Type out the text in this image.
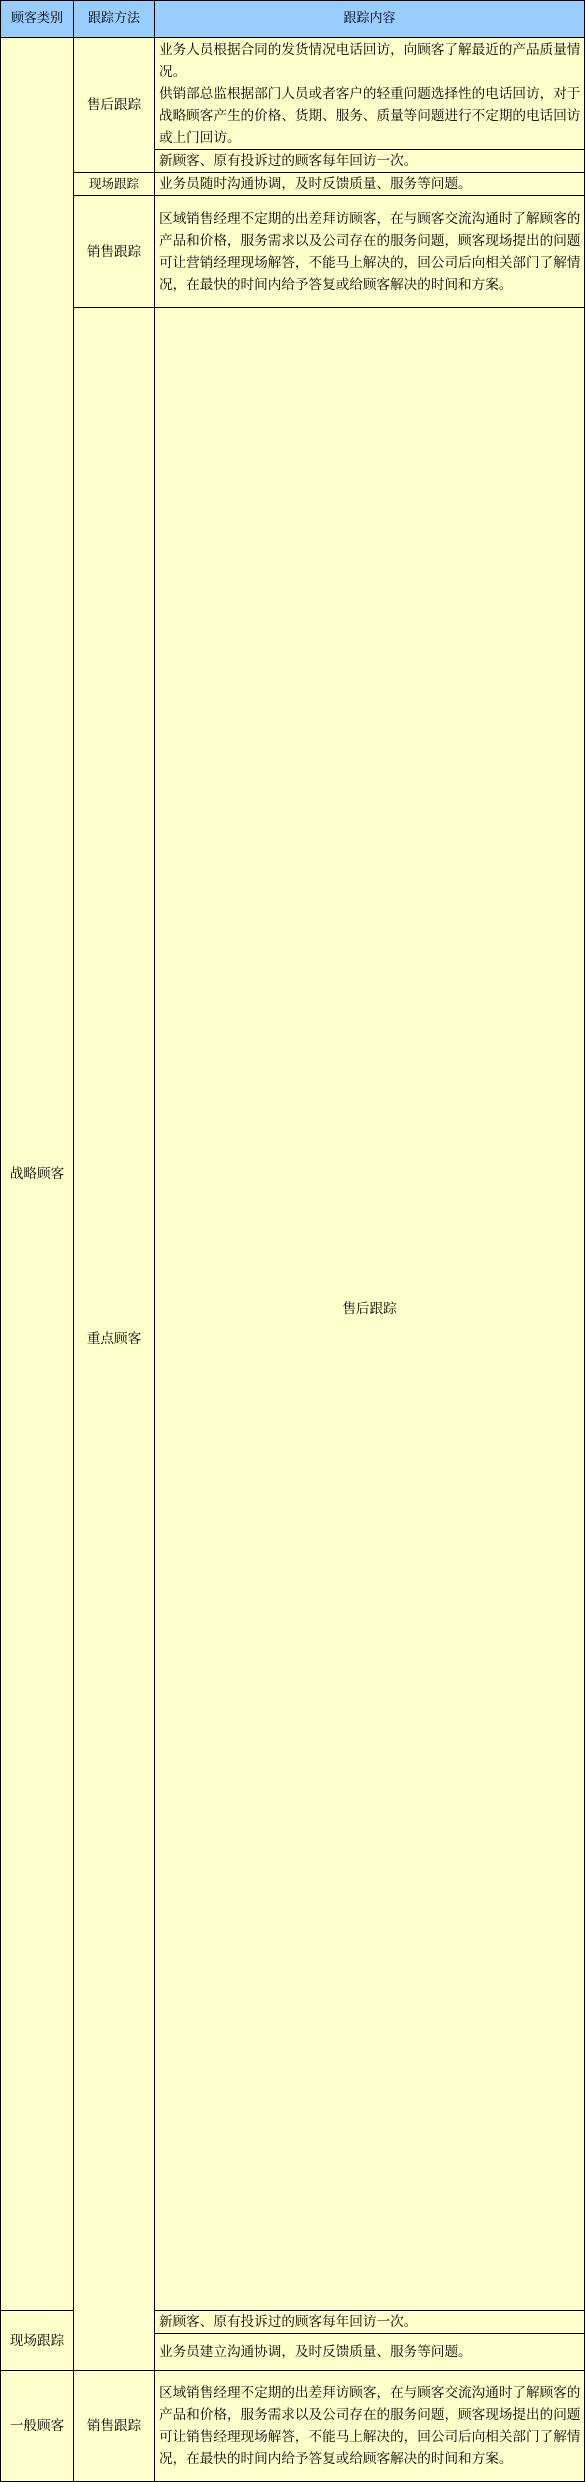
顾客类别	跟踪方法	跟踪内容	
战略顾客	售后跟踪	业务人员根据合同的发货情况电话回访，向顾客了解最近的产品质量情况。
供销部总监根据部门人员或者客户的轻重问题选择性的电话回访，对于战略顾客产生的价格、货期、服务、质量等问题进行不定期的电话回访或上门回访。	

		新顾客、原有投诉过的顾客每年回访一次。	

	现场跟踪	业务员随时沟通协调，及时反馈质量、服务等问题。	

	销售跟踪	区域销售经理不定期的出差拜访顾客，在与顾客交流沟通时了解顾客的产品和价格，服务需求以及公司存在的服务问题，顾客现场提出的问题可让营销经理现场解答，不能马上解决的，回公司后向相关部门了解情况，在最快的时间内给予答复或给顾客解决的时间和方案。	

	重点顾客	售后跟踪	

现场跟踪		新顾客、原有投诉过的顾客每年回访一次。	

		业务员建立沟通协调，及时反馈质量、服务等问题。	

一般顾客	销售跟踪	区域销售经理不定期的出差拜访顾客，在与顾客交流沟通时了解顾客的产品和价格，服务需求以及公司存在的服务问题，顾客现场提出的问题可让销售经理现场解答，不能马上解决的，回公司后向相关部门了解情况，在最快的时间内给予答复或给顾客解决的时间和方案。	
